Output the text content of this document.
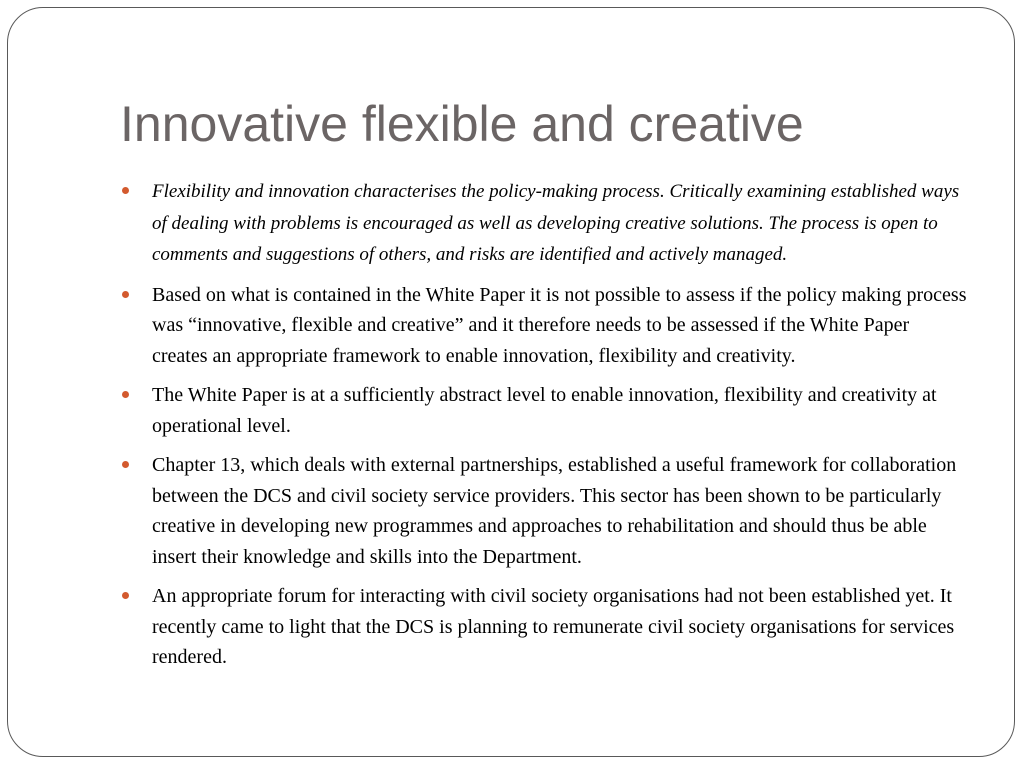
Innovative flexible and creative
Flexibility and innovation characterises the policy-making process. Critically examining established ways of dealing with problems is encouraged as well as developing creative solutions. The process is open to comments and suggestions of others, and risks are identified and actively managed.
Based on what is contained in the White Paper it is not possible to assess if the policy making process was “innovative, flexible and creative” and it therefore needs to be assessed if the White Paper creates an appropriate framework to enable innovation, flexibility and creativity.
The White Paper is at a sufficiently abstract level to enable innovation, flexibility and creativity at operational level.
Chapter 13, which deals with external partnerships, established a useful framework for collaboration between the DCS and civil society service providers. This sector has been shown to be particularly creative in developing new programmes and approaches to rehabilitation and should thus be able insert their knowledge and skills into the Department.
An appropriate forum for interacting with civil society organisations had not been established yet. It recently came to light that the DCS is planning to remunerate civil society organisations for services rendered.
